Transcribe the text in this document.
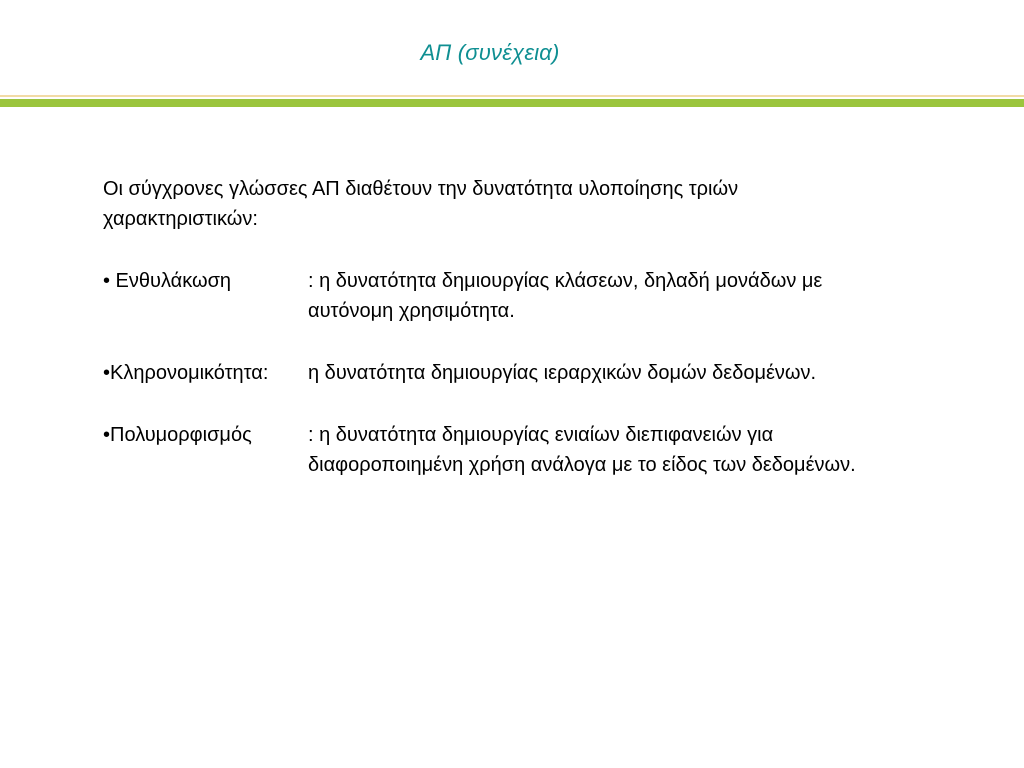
ΑΠ (συνέχεια)

Οι σύγχρονες γλώσσες ΑΠ διαθέτουν την δυνατότητα υλοποίησης τριών χαρακτηριστικών:

• Ενθυλάκωση	: η δυνατότητα δημιουργίας κλάσεων, δηλαδή μονάδων με αυτόνομη χρησιμότητα.
•Κληρονομικότητα:	η δυνατότητα δημιουργίας ιεραρχικών δομών δεδομένων.
•Πολυμορφισμός	: η δυνατότητα δημιουργίας ενιαίων διεπιφανειών για διαφοροποιημένη χρήση ανάλογα με το είδος των δεδομένων.
